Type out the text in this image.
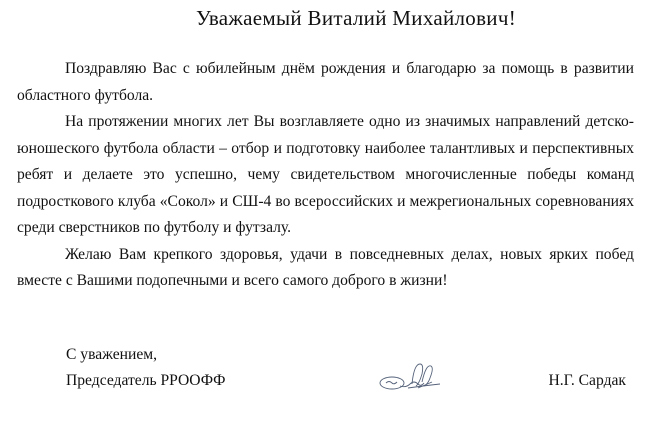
Уважаемый Виталий Михайлович!

Поздравляю Вас с юбилейным днём рождения и благодарю за помощь в развитии областного футбола.

На протяжении многих лет Вы возглавляете одно из значимых направлений детско-юношеского футбола области – отбор и подготовку наиболее талантливых и перспективных ребят и делаете это успешно, чему свидетельством многочисленные победы команд подросткового клуба «Сокол» и СШ-4 во всероссийских и межрегиональных соревнованиях среди сверстников по футболу и футзалу.

Желаю Вам крепкого здоровья, удачи в повседневных делах, новых ярких побед вместе с Вашими подопечными и всего самого доброго в жизни!

С уважением,
Председатель РРООФФ	Н.Г. Сардак
